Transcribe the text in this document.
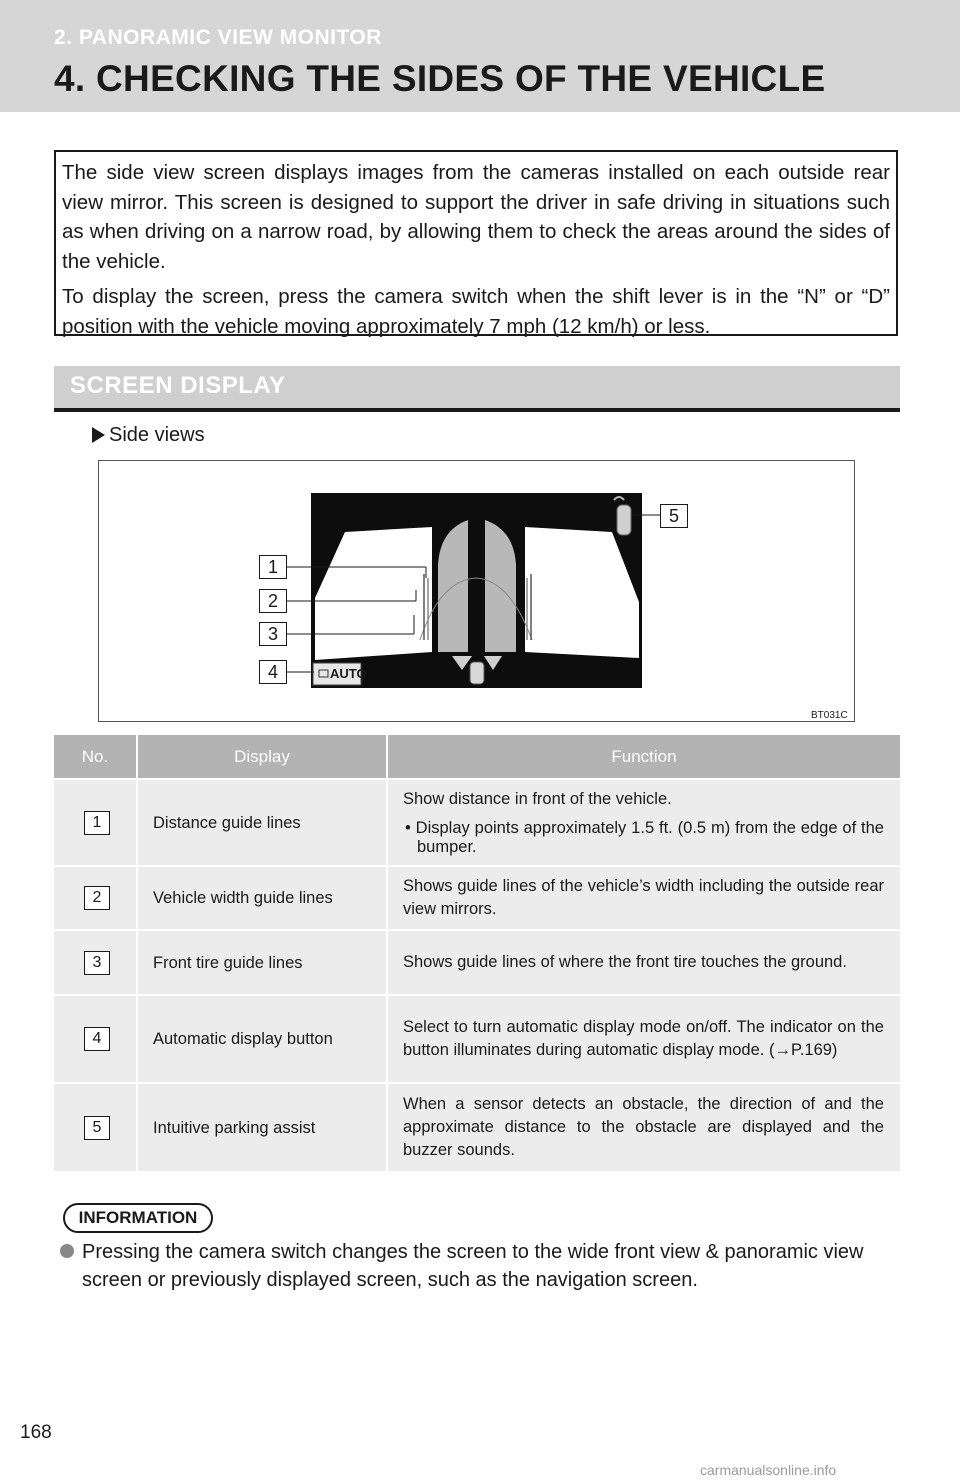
2. PANORAMIC VIEW MONITOR
4. CHECKING THE SIDES OF THE VEHICLE

The side view screen displays images from the cameras installed on each outside rear view mirror. This screen is designed to support the driver in safe driving in situations such as when driving on a narrow road, by allowing them to check the areas around the sides of the vehicle.

To display the screen, press the camera switch when the shift lever is in the “N” or “D” position with the vehicle moving approximately 7 mph (12 km/h) or less.

SCREEN DISPLAY
Side views
AUTO
1
2
3
4
5
BT031C
No.	Display	Function
1	Distance guide lines	Show distance in front of the vehicle.
• Display points approximately 1.5 ft. (0.5 m) from the edge of the bumper.

2	Vehicle width guide lines	Shows guide lines of the vehicle’s width including the outside rear view mirrors.
3	Front tire guide lines	Shows guide lines of where the front tire touches the ground.
4	Automatic display button	Select to turn automatic display mode on/off. The indicator on the button illuminates during automatic display mode. (→P.169)
5	Intuitive parking assist	When a sensor detects an obstacle, the direction of and the approximate distance to the obstacle are displayed and the buzzer sounds.
INFORMATION
Pressing the camera switch changes the screen to the wide front view & panoramic view screen or previously displayed screen, such as the navigation screen.
168
carmanualsonline.info
